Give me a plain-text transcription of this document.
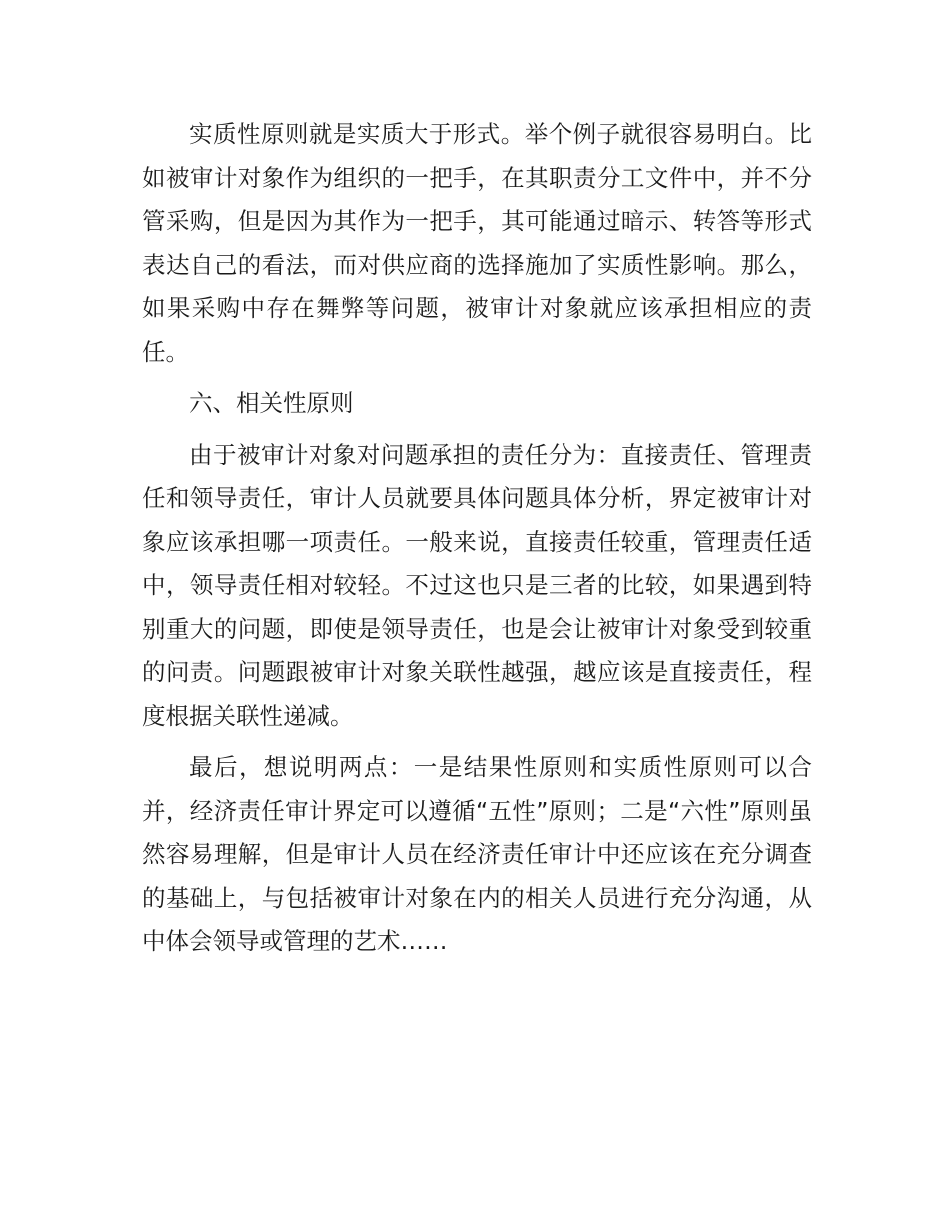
实质性原则就是实质大于形式。举个例子就很容易明白。比如被审计对象作为组织的一把手，在其职责分工文件中，并不分管采购，但是因为其作为一把手，其可能通过暗示、转答等形式表达自己的看法，而对供应商的选择施加了实质性影响。那么，如果采购中存在舞弊等问题，被审计对象就应该承担相应的责任。

六、相关性原则

由于被审计对象对问题承担的责任分为：直接责任、管理责任和领导责任，审计人员就要具体问题具体分析，界定被审计对象应该承担哪一项责任。一般来说，直接责任较重，管理责任适中，领导责任相对较轻。不过这也只是三者的比较，如果遇到特别重大的问题，即使是领导责任，也是会让被审计对象受到较重的问责。问题跟被审计对象关联性越强，越应该是直接责任，程度根据关联性递减。

最后，想说明两点：一是结果性原则和实质性原则可以合并，经济责任审计界定可以遵循“五性”原则；二是“六性”原则虽然容易理解，但是审计人员在经济责任审计中还应该在充分调查的基础上，与包括被审计对象在内的相关人员进行充分沟通，从中体会领导或管理的艺术……
